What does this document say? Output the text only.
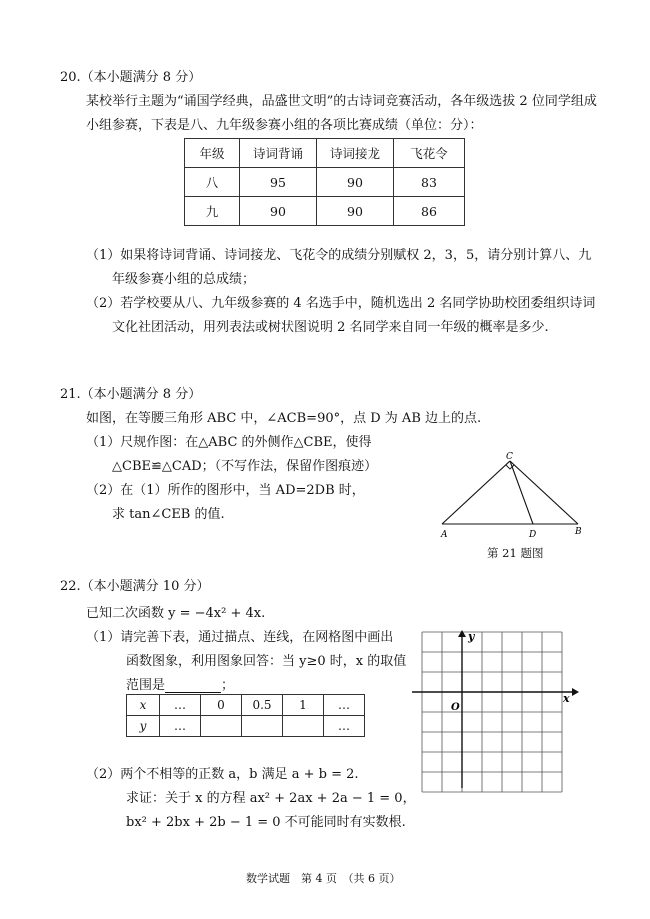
20.（本小题满分 8 分）
某校举行主题为“诵国学经典，品盛世文明”的古诗词竞赛活动，各年级选拔 2 位同学组成
小组参赛，下表是八、九年级参赛小组的各项比赛成绩（单位：分）：
年级	诗词背诵	诗词接龙	飞花令
八	95	90	83
九	90	90	86
（1）如果将诗词背诵、诗词接龙、飞花令的成绩分别赋权 2，3，5，请分别计算八、九
年级参赛小组的总成绩；
（2）若学校要从八、九年级参赛的 4 名选手中，随机选出 2 名同学协助校团委组织诗词
文化社团活动，用列表法或树状图说明 2 名同学来自同一年级的概率是多少.
21.（本小题满分 8 分）
如图，在等腰三角形 ABC 中，∠ACB=90°，点 D 为 AB 边上的点.
（1）尺规作图：在△ABC 的外侧作△CBE，使得
△CBE≌△CAD；（不写作法，保留作图痕迹）
（2）在（1）所作的图形中，当 AD=2DB 时，
求 tan∠CEB 的值.
C
A	D	B
第 21 题图
22.（本小题满分 10 分）
已知二次函数 y = −4x² + 4x.
（1）请完善下表，通过描点、连线，在网格图中画出
函数图象，利用图象回答：当 y≥0 时，x 的取值
范围是	；
x	…	0	0.5	1	…
y	…				…
y
x
O
（2）两个不相等的正数 a，b 满足 a + b = 2.
求证：关于 x 的方程 ax² + 2ax + 2a − 1 = 0，
bx² + 2bx + 2b − 1 = 0 不可能同时有实数根.
数学试题　第 4 页　（共 6 页）
